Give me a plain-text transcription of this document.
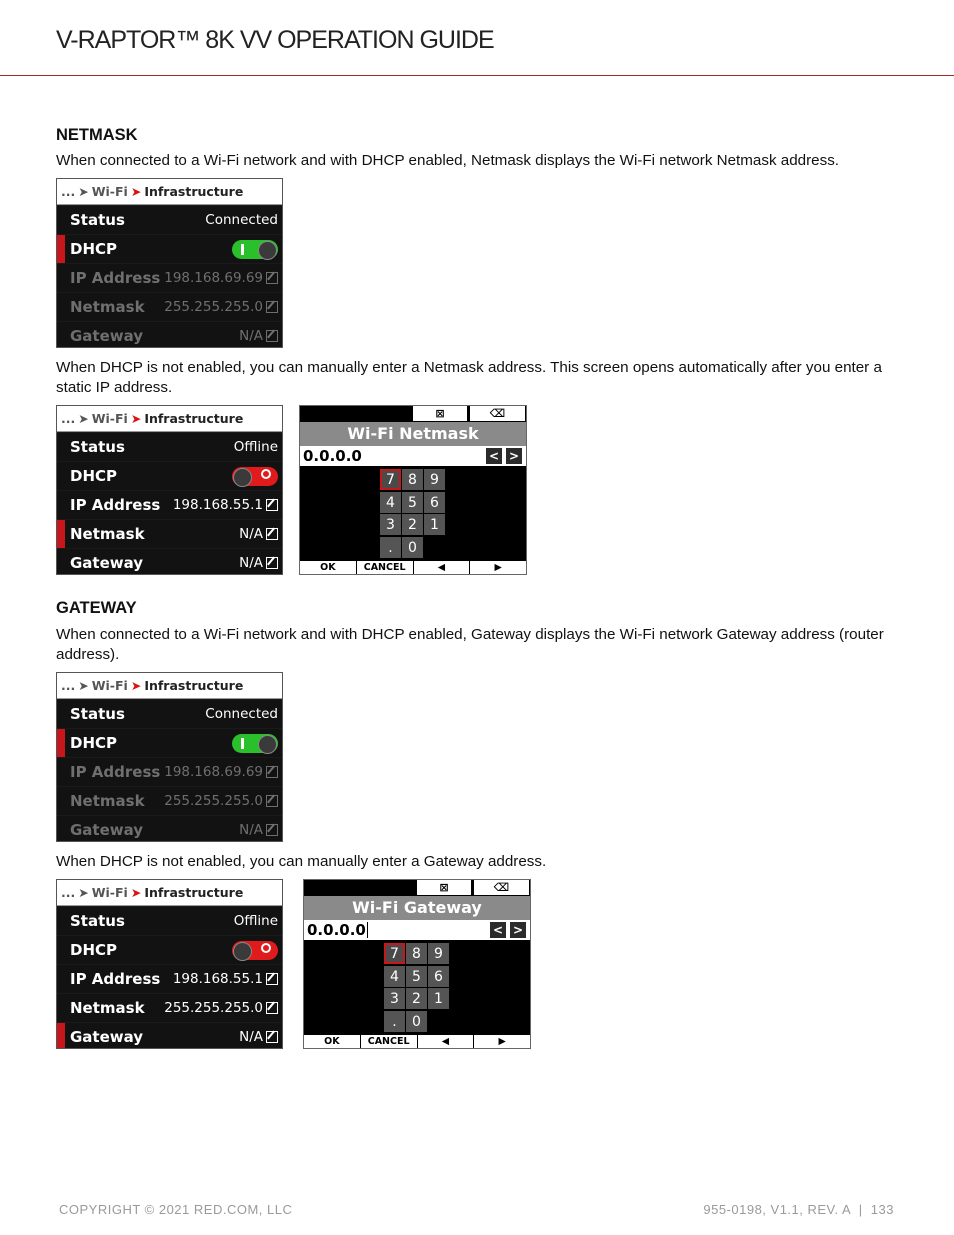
V-RAPTOR™ 8K VV OPERATION GUIDE
NETMASK
When connected to a Wi-Fi network and with DHCP enabled, Netmask displays the Wi-Fi network Netmask address.
... ➤ Wi-Fi ➤ Infrastructure
Status	Connected
DHCP
IP Address 198.168.69.69
Netmask 255.255.255.0
Gateway	N/A
When DHCP is not enabled, you can manually enter a Netmask address. This screen opens automatically after you enter a static IP address.
... ➤ Wi-Fi ➤ Infrastructure
Status	Offline
DHCP
IP Address 198.168.55.1
Netmask	N/A
Gateway	N/A
⊠	⌫
Wi-Fi Netmask
0.0.0.0	< >
7 8 9
4 5 6
3 2 1
.	0
OK	CANCEL	◀	▶
GATEWAY
When connected to a Wi-Fi network and with DHCP enabled, Gateway displays the Wi-Fi network Gateway address (router address).
... ➤ Wi-Fi ➤ Infrastructure
Status	Connected
DHCP
IP Address 198.168.69.69
Netmask 255.255.255.0
Gateway	N/A
When DHCP is not enabled, you can manually enter a Gateway address.
... ➤ Wi-Fi ➤ Infrastructure
Status	Offline
DHCP
IP Address 198.168.55.1
Netmask 255.255.255.0
Gateway	N/A
⊠	⌫
Wi-Fi Gateway
0.0.0.0	< >
7 8 9
4 5 6
3 2 1
.	0
OK	CANCEL	◀	▶
COPYRIGHT © 2021 RED.COM, LLC	955-0198, V1.1, REV. A  |  133
